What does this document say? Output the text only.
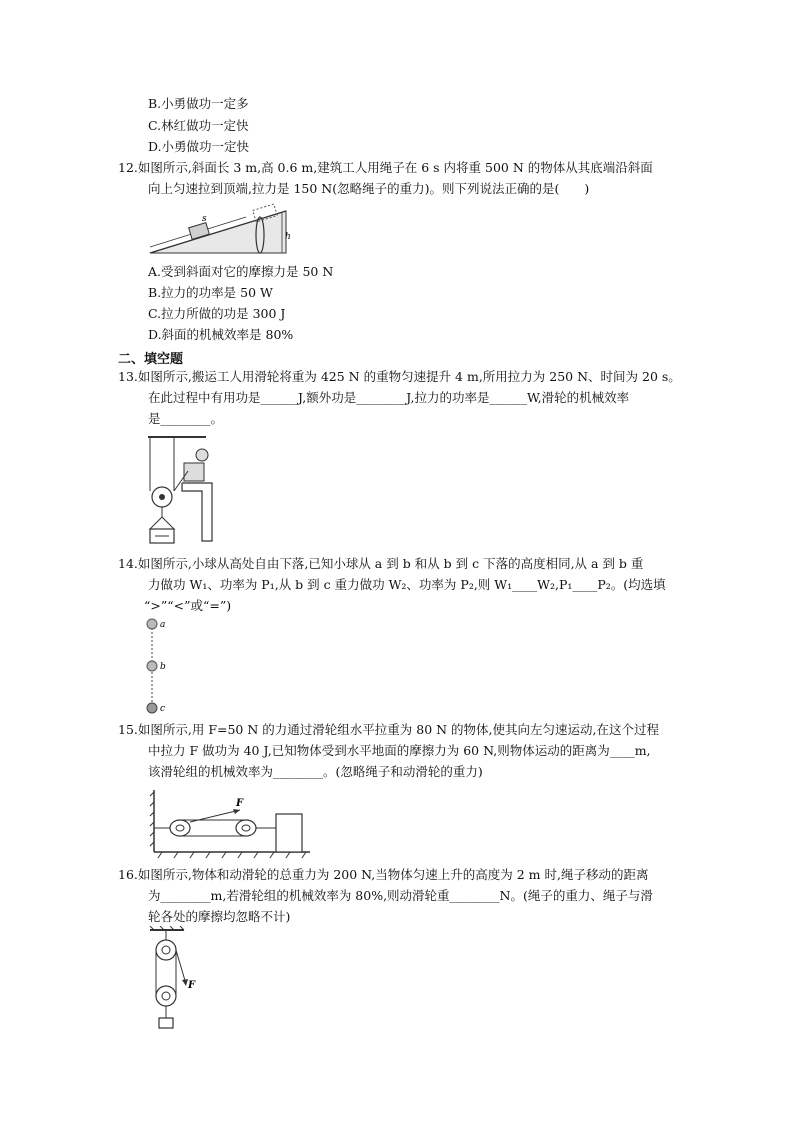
B.小勇做功一定多
C.林红做功一定快
D.小勇做功一定快
12.如图所示,斜面长 3 m,高 0.6 m,建筑工人用绳子在 6 s 内将重 500 N 的物体从其底端沿斜面
向上匀速拉到顶端,拉力是 150 N(忽略绳子的重力)。则下列说法正确的是(　　)
s
h
A.受到斜面对它的摩擦力是 50 N
B.拉力的功率是 50 W
C.拉力所做的功是 300 J
D.斜面的机械效率是 80%
二、填空题
13.如图所示,搬运工人用滑轮将重为 425 N 的重物匀速提升 4 m,所用拉力为 250 N、时间为 20 s。
在此过程中有用功是______J,额外功是________J,拉力的功率是______W,滑轮的机械效率
是________。
14.如图所示,小球从高处自由下落,已知小球从 a 到 b 和从 b 到 c 下落的高度相同,从 a 到 b 重
力做功 W₁、功率为 P₁,从 b 到 c 重力做功 W₂、功率为 P₂,则 W₁____W₂,P₁____P₂。(均选填
“>”“<”或“=”)
a
b
c
15.如图所示,用 F=50 N 的力通过滑轮组水平拉重为 80 N 的物体,使其向左匀速运动,在这个过程
中拉力 F 做功为 40 J,已知物体受到水平地面的摩擦力为 60 N,则物体运动的距离为____m,
该滑轮组的机械效率为________。(忽略绳子和动滑轮的重力)
F
16.如图所示,物体和动滑轮的总重力为 200 N,当物体匀速上升的高度为 2 m 时,绳子移动的距离
为________m,若滑轮组的机械效率为 80%,则动滑轮重________N。(绳子的重力、绳子与滑
轮各处的摩擦均忽略不计)
F
